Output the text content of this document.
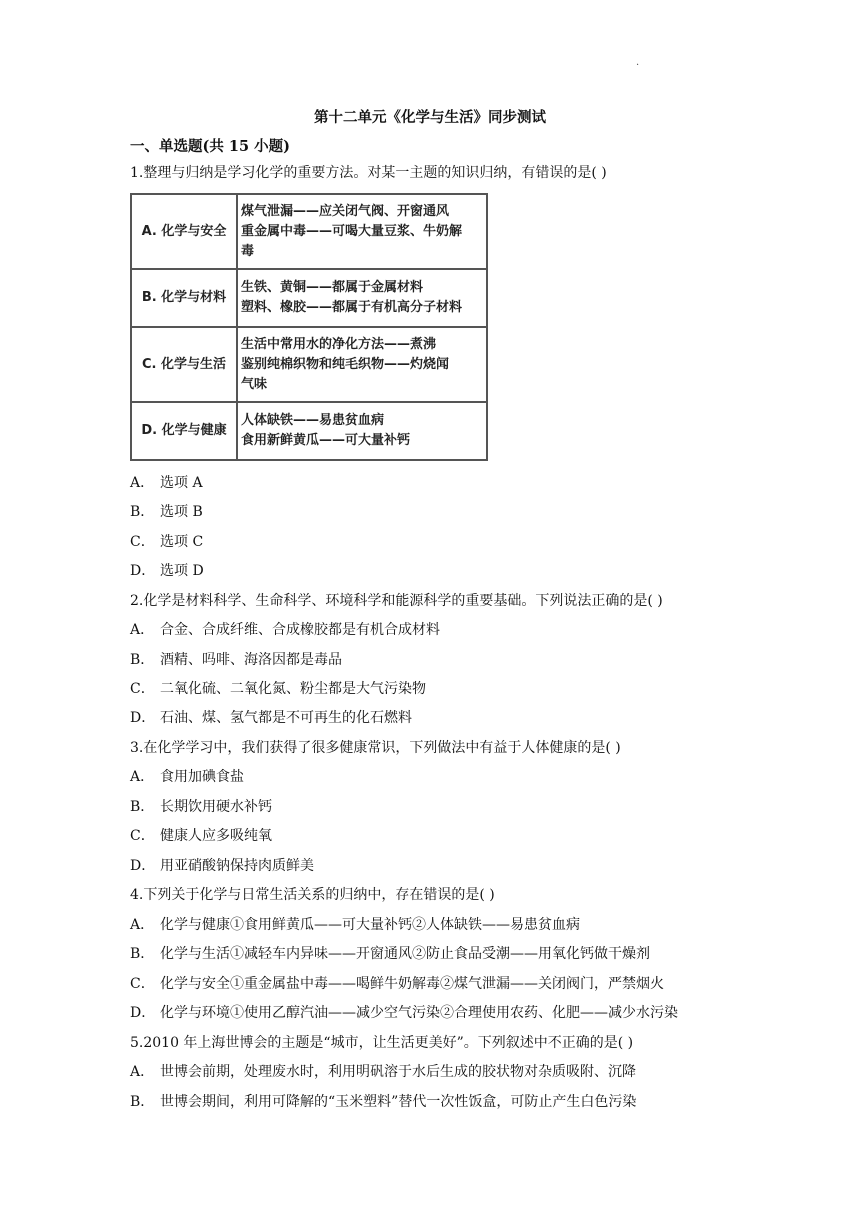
·
第十二单元《化学与生活》同步测试
一、单选题(共 15 小题)
1.整理与归纳是学习化学的重要方法。对某一主题的知识归纳，有错误的是( )
A. 化学与安全	煤气泄漏——应关闭气阀、开窗通风
重金属中毒——可喝大量豆浆、牛奶解
毒

B. 化学与材料	生铁、黄铜——都属于金属材料
塑料、橡胶——都属于有机高分子材料

C. 化学与生活	生活中常用水的净化方法——煮沸
鉴别纯棉织物和纯毛织物——灼烧闻
气味

D. 化学与健康	人体缺铁——易患贫血病
食用新鲜黄瓜——可大量补钙
A． 选项 A
B． 选项 B
C． 选项 C
D． 选项 D
2.化学是材料科学、生命科学、环境科学和能源科学的重要基础。下列说法正确的是( )
A． 合金、合成纤维、合成橡胶都是有机合成材料
B． 酒精、吗啡、海洛因都是毒品
C． 二氧化硫、二氧化氮、粉尘都是大气污染物
D． 石油、煤、氢气都是不可再生的化石燃料
3.在化学学习中，我们获得了很多健康常识，下列做法中有益于人体健康的是( )
A． 食用加碘食盐
B． 长期饮用硬水补钙
C． 健康人应多吸纯氧
D． 用亚硝酸钠保持肉质鲜美
4.下列关于化学与日常生活关系的归纳中，存在错误的是( )
A． 化学与健康①食用鲜黄瓜——可大量补钙②人体缺铁——易患贫血病
B． 化学与生活①减轻车内异味——开窗通风②防止食品受潮——用氧化钙做干燥剂
C． 化学与安全①重金属盐中毒——喝鲜牛奶解毒②煤气泄漏——关闭阀门，严禁烟火
D． 化学与环境①使用乙醇汽油——减少空气污染②合理使用农药、化肥——减少水污染
5.2010 年上海世博会的主题是“城市，让生活更美好”。下列叙述中不正确的是( )
A． 世博会前期，处理废水时，利用明矾溶于水后生成的胶状物对杂质吸附、沉降
B． 世博会期间，利用可降解的“玉米塑料”替代一次性饭盒，可防止产生白色污染
